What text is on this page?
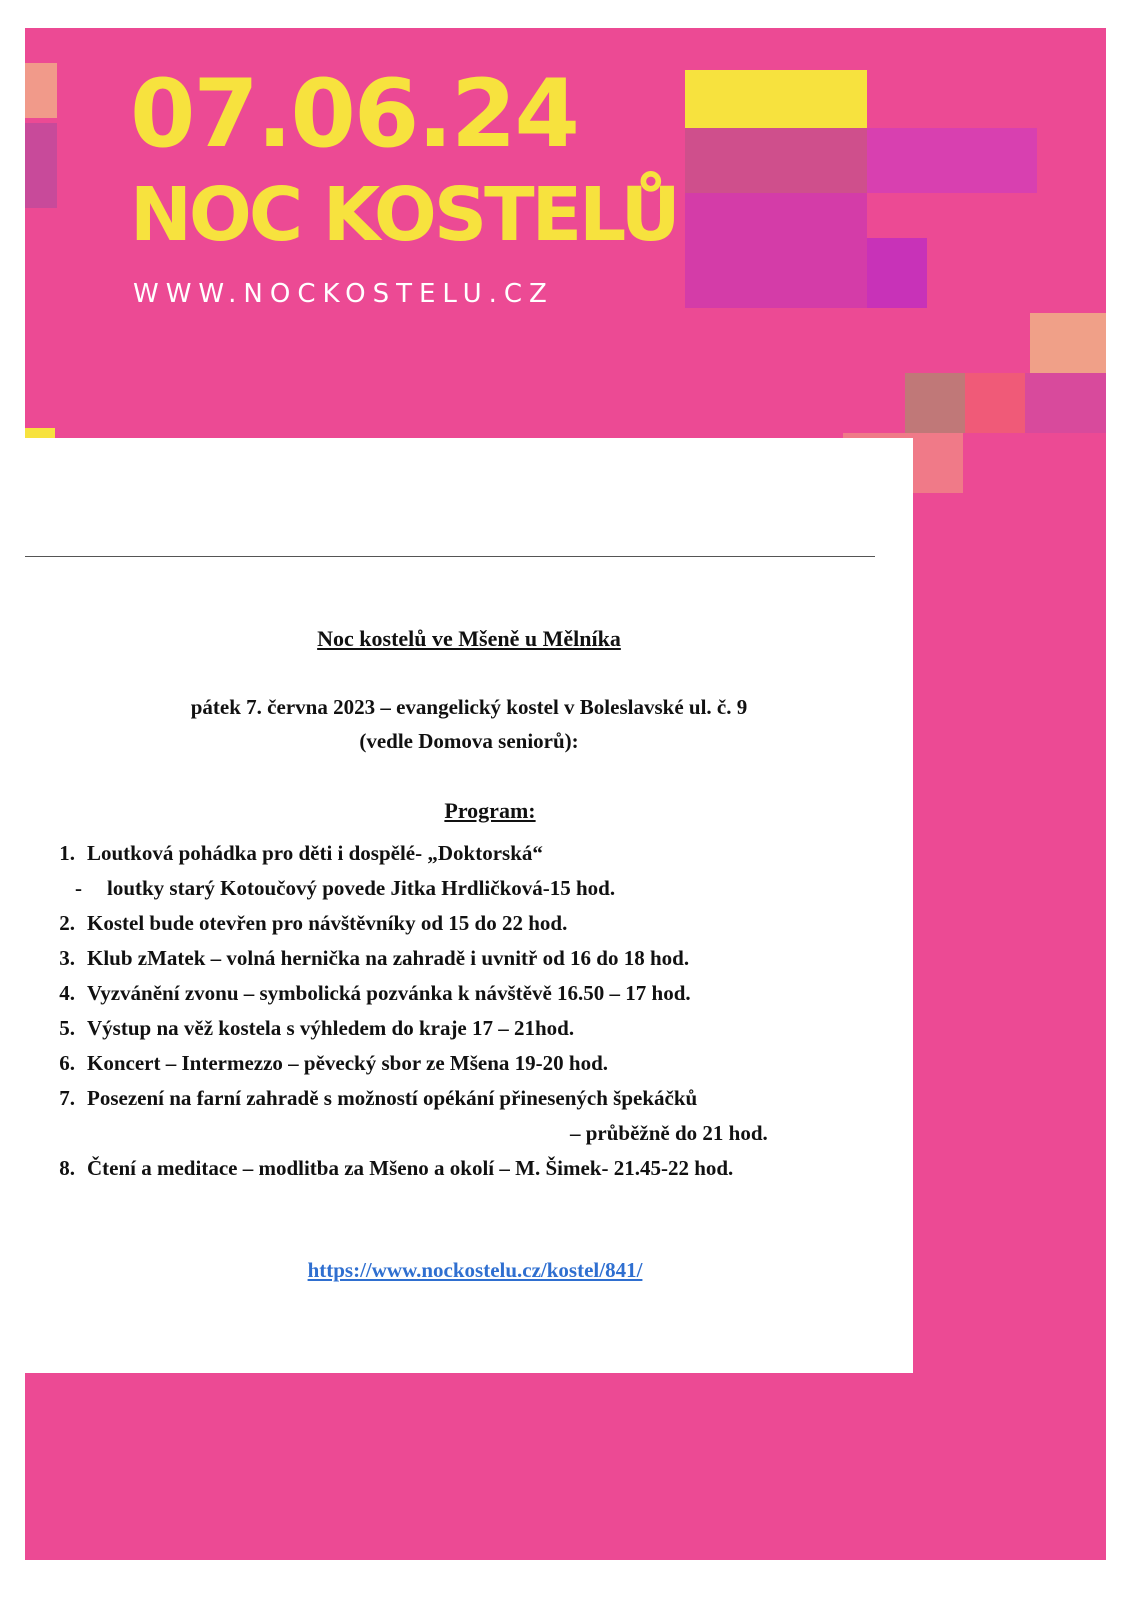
07.06.24
NOC KOSTELŮ
WWW.NOCKOSTELU.CZ
Noc kostelů ve Mšeně u Mělníka
pátek 7. června 2023 – evangelický kostel v Boleslavské ul. č. 9
(vedle Domova seniorů):
Program:
1. Loutková pohádka pro děti i dospělé- „Doktorská“
- loutky starý Kotoučový povede Jitka Hrdličková-15 hod.
2. Kostel bude otevřen pro návštěvníky od 15 do 22 hod.
3. Klub zMatek – volná hernička na zahradě i uvnitř od 16 do 18 hod.
4. Vyzvánění zvonu – symbolická pozvánka k návštěvě 16.50 – 17 hod.
5. Výstup na věž kostela s výhledem do kraje 17 – 21hod.
6. Koncert – Intermezzo – pěvecký sbor ze Mšena 19-20 hod.
7. Posezení na farní zahradě s možností opékání přinesených špekáčků
– průběžně do 21 hod.
8. Čtení a meditace – modlitba za Mšeno a okolí – M. Šimek- 21.45-22 hod.
https://www.nockostelu.cz/kostel/841/
